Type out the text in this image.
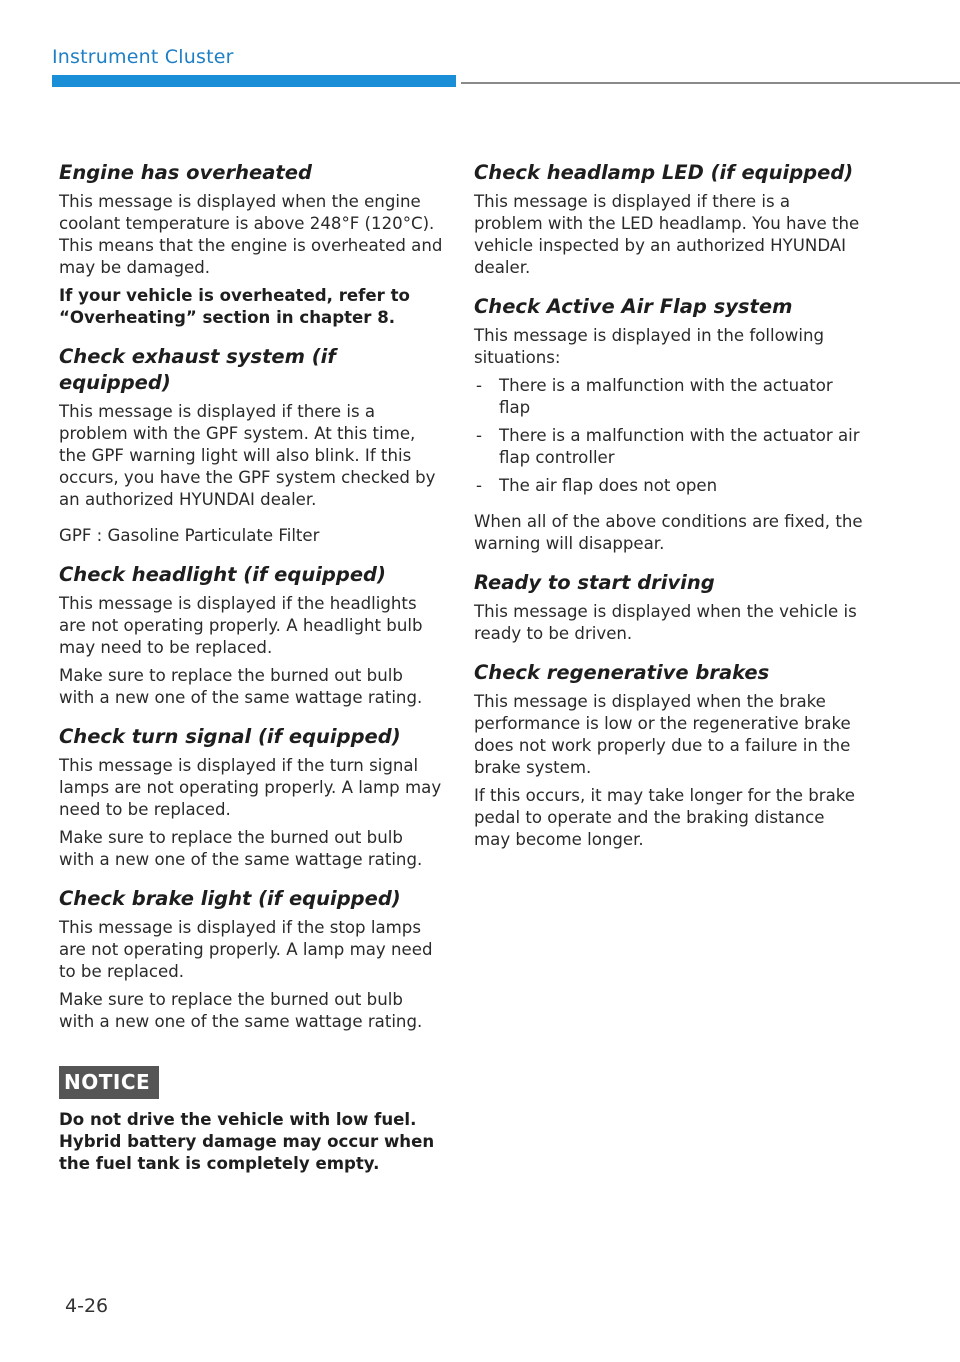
Instrument Cluster
Engine has overheated
This message is displayed when the engine coolant temperature is above 248°F (120°C). This means that the engine is overheated and may be damaged.
If your vehicle is overheated, refer to “Overheating” section in chapter 8.
Check exhaust system (if equipped)
This message is displayed if there is a problem with the GPF system. At this time, the GPF warning light will also blink. If this occurs, you have the GPF system checked by an authorized HYUNDAI dealer.
GPF : Gasoline Particulate Filter
Check headlight (if equipped)
This message is displayed if the headlights are not operating properly. A headlight bulb may need to be replaced.
Make sure to replace the burned out bulb with a new one of the same wattage rating.
Check turn signal (if equipped)
This message is displayed if the turn signal lamps are not operating properly. A lamp may need to be replaced.
Make sure to replace the burned out bulb with a new one of the same wattage rating.
Check brake light (if equipped)
This message is displayed if the stop lamps are not operating properly. A lamp may need to be replaced.
Make sure to replace the burned out bulb with a new one of the same wattage rating.
NOTICE
Do not drive the vehicle with low fuel. Hybrid battery damage may occur when the fuel tank is completely empty.
Check headlamp LED (if equipped)
This message is displayed if there is a problem with the LED headlamp. You have the vehicle inspected by an authorized HYUNDAI dealer.
Check Active Air Flap system
This message is displayed in the following situations:
- There is a malfunction with the actuator flap
- There is a malfunction with the actuator air flap controller
- The air flap does not open
When all of the above conditions are fixed, the warning will disappear.
Ready to start driving
This message is displayed when the vehicle is ready to be driven.
Check regenerative brakes
This message is displayed when the brake performance is low or the regenerative brake does not work properly due to a failure in the brake system.
If this occurs, it may take longer for the brake pedal to operate and the braking distance may become longer.
4-26
